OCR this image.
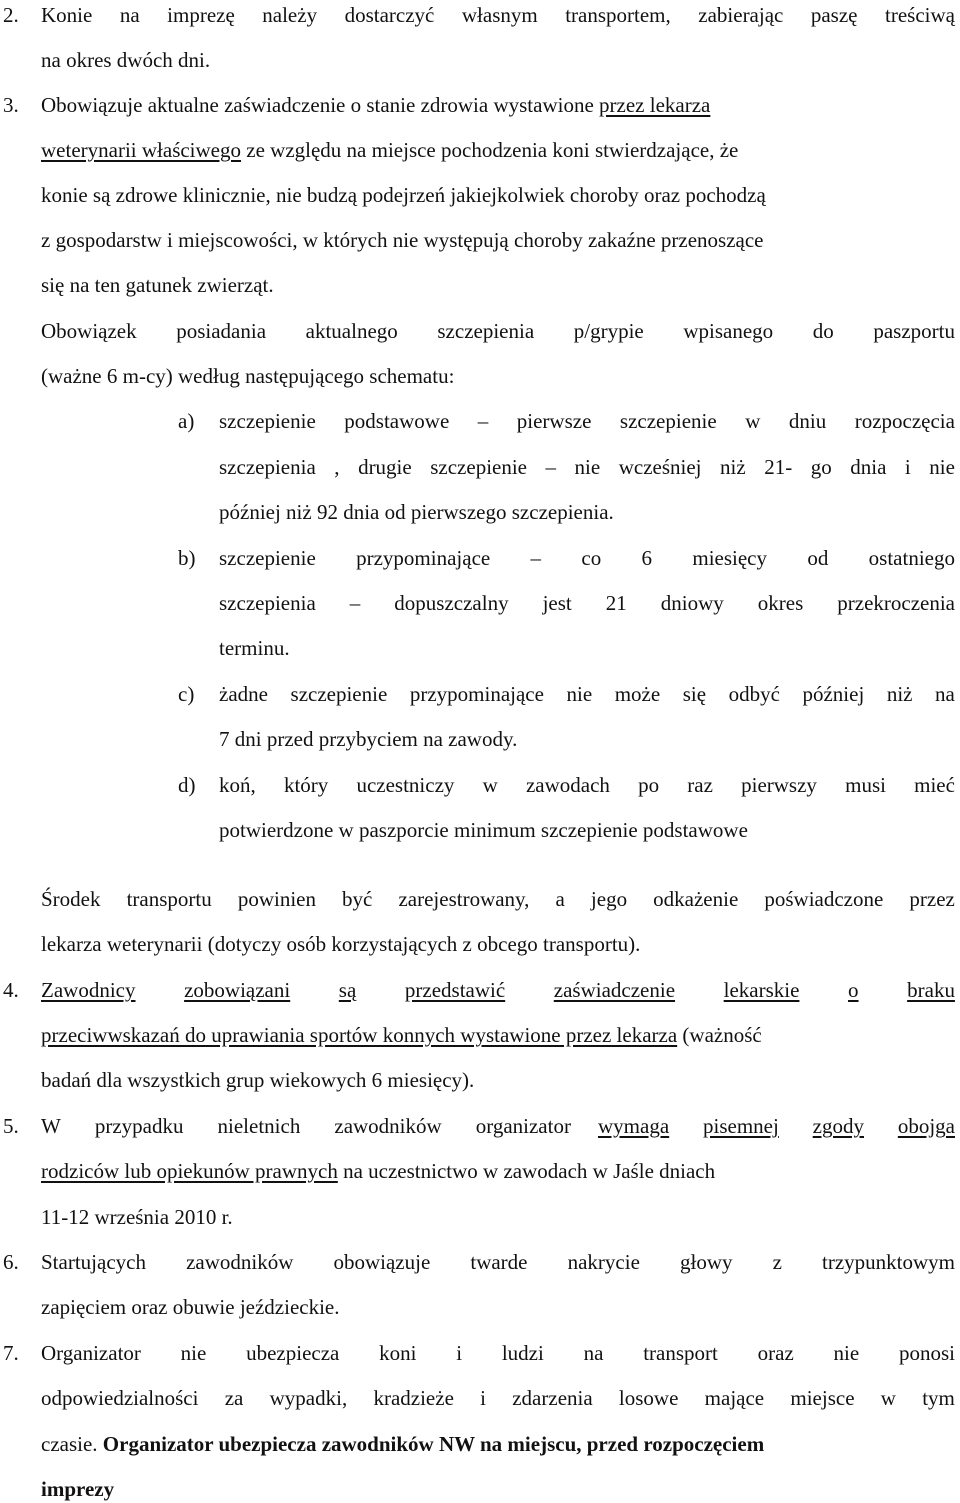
2. Konie na imprezę należy dostarczyć własnym transportem, zabierając paszę treściwą
na okres dwóch dni.
3. Obowiązuje aktualne zaświadczenie o stanie zdrowia wystawione przez lekarza
weterynarii właściwego ze względu na miejsce pochodzenia koni stwierdzające, że
konie są zdrowe klinicznie, nie budzą podejrzeń jakiejkolwiek choroby oraz pochodzą
z gospodarstw i miejscowości, w których nie występują choroby zakaźne przenoszące
się na ten gatunek zwierząt.
Obowiązek posiadania aktualnego szczepienia p/grypie wpisanego do paszportu
(ważne 6 m-cy) według następującego schematu:
a) szczepienie podstawowe – pierwsze szczepienie w dniu rozpoczęcia
szczepienia , drugie szczepienie – nie wcześniej niż 21- go dnia i nie
później niż 92 dnia od pierwszego szczepienia.
b) szczepienie przypominające – co 6 miesięcy od ostatniego
szczepienia – dopuszczalny jest 21 dniowy okres przekroczenia
terminu.
c) żadne szczepienie przypominające nie może się odbyć później niż na
7 dni przed przybyciem na zawody.
d) koń, który uczestniczy w zawodach po raz pierwszy musi mieć
potwierdzone w paszporcie minimum szczepienie podstawowe
Środek transportu powinien być zarejestrowany, a jego odkażenie poświadczone przez
lekarza weterynarii (dotyczy osób korzystających z obcego transportu).
4. Zawodnicy zobowiązani są przedstawić zaświadczenie lekarskie o braku
przeciwwskazań do uprawiania sportów konnych wystawione przez lekarza (ważność
badań dla wszystkich grup wiekowych 6 miesięcy).
5. W przypadku nieletnich zawodników organizator wymaga pisemnej zgody obojga
rodziców lub opiekunów prawnych na uczestnictwo w zawodach w Jaśle dniach
11-12 września 2010 r.
6. Startujących zawodników obowiązuje twarde nakrycie głowy z trzypunktowym
zapięciem oraz obuwie jeździeckie.
7. Organizator nie ubezpiecza koni i ludzi na transport oraz nie ponosi
odpowiedzialności za wypadki, kradzieże i zdarzenia losowe mające miejsce w tym
czasie. Organizator ubezpiecza zawodników NW na miejscu, przed rozpoczęciem
imprezy
